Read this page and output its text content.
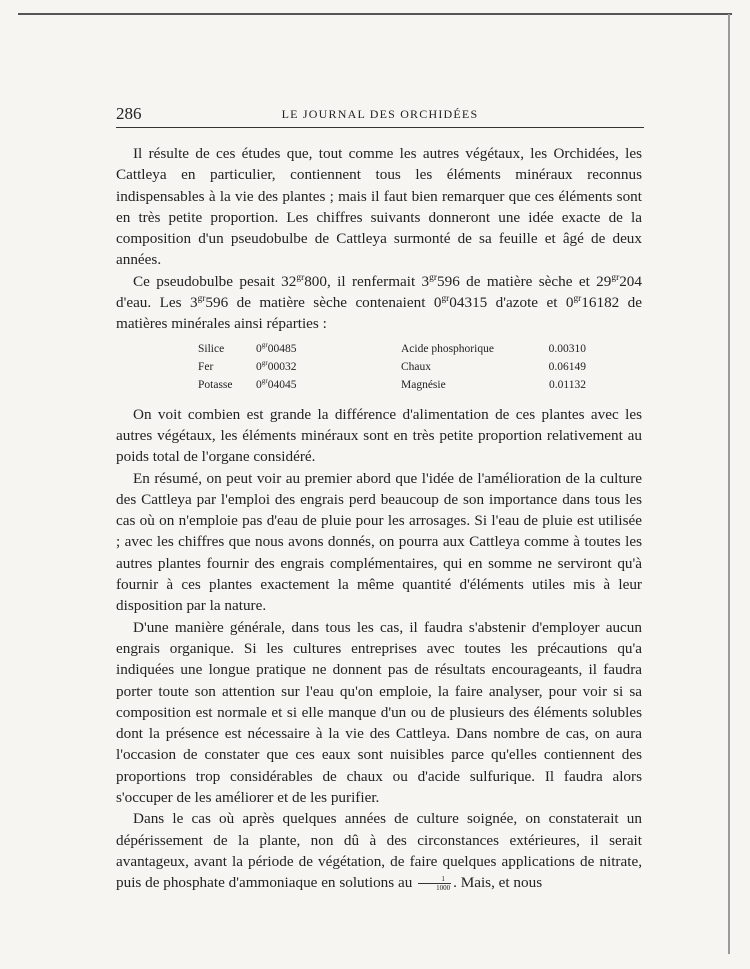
286	LE JOURNAL DES ORCHIDÉES

Il résulte de ces études que, tout comme les autres végétaux, les Orchidées, les Cattleya en particulier, contiennent tous les éléments minéraux reconnus indispensables à la vie des plantes ; mais il faut bien remarquer que ces éléments sont en très petite proportion. Les chiffres suivants donneront une idée exacte de la composition d'un pseudobulbe de Cattleya surmonté de sa feuille et âgé de deux années.

Ce pseudobulbe pesait $32^{gr}800$, il renfermait $3^{gr}596$ de matière sèche et $29^{gr}204$ d'eau. Les $3^{gr}596$ de matière sèche contenaient $0^{gr}04315$ d'azote et $0^{gr}16182$ de matières minérales ainsi réparties :

Silice	$0^{gr}00485$	Acide phosphorique	0.00310
Fer	$0^{gr}00032$	Chaux	0.06149
Potasse	$0^{gr}04045$	Magnésie	0.01132

On voit combien est grande la différence d'alimentation de ces plantes avec les autres végétaux, les éléments minéraux sont en très petite proportion relativement au poids total de l'organe considéré.

En résumé, on peut voir au premier abord que l'idée de l'amélioration de la culture des Cattleya par l'emploi des engrais perd beaucoup de son importance dans tous les cas où on n'emploie pas d'eau de pluie pour les arrosages. Si l'eau de pluie est utilisée ; avec les chiffres que nous avons donnés, on pourra aux Cattleya comme à toutes les autres plantes fournir des engrais complémentaires, qui en somme ne serviront qu'à fournir à ces plantes exactement la même quantité d'éléments utiles mis à leur disposition par la nature.

D'une manière générale, dans tous les cas, il faudra s'abstenir d'employer aucun engrais organique. Si les cultures entreprises avec toutes les précautions qu'a indiquées une longue pratique ne donnent pas de résultats encourageants, il faudra porter toute son attention sur l'eau qu'on emploie, la faire analyser, pour voir si sa composition est normale et si elle manque d'un ou de plusieurs des éléments solubles dont la présence est nécessaire à la vie des Cattleya. Dans nombre de cas, on aura l'occasion de constater que ces eaux sont nuisibles parce qu'elles contiennent des proportions trop considérables de chaux ou d'acide sulfurique. Il faudra alors s'occuper de les améliorer et de les purifier.

Dans le cas où après quelques années de culture soignée, on constaterait un dépérissement de la plante, non dû à des circonstances extérieures, il serait avantageux, avant la période de végétation, de faire quelques applications de nitrate, puis de phosphate d'ammoniaque en solutions au $\frac{1}{1000}$ . Mais, et nous
